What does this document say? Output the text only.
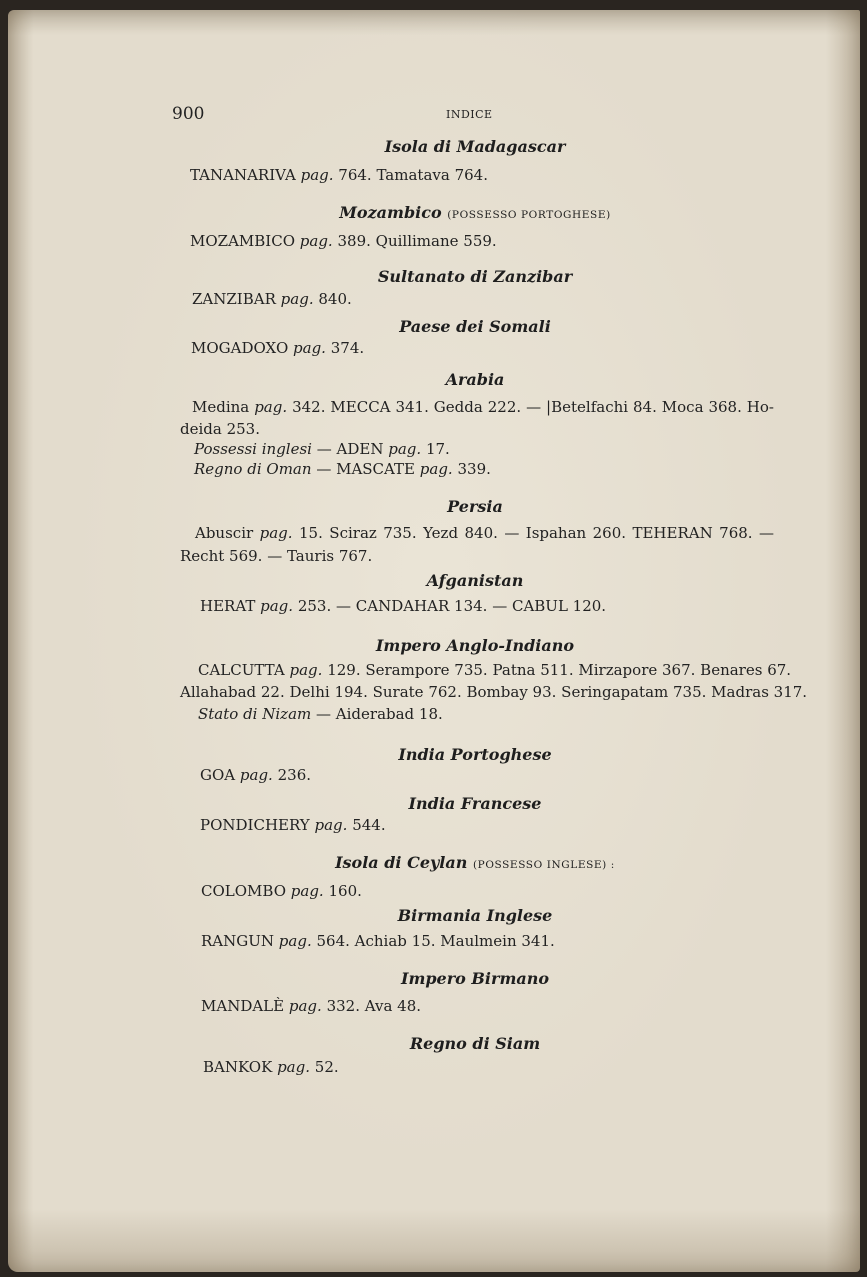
900	INDICE
Isola di Madagascar
TANANARIVA pag. 764. Tamatava 764.
Mozambico (POSSESSO PORTOGHESE)
MOZAMBICO pag. 389. Quillimane 559.
Sultanato di Zanzibar
ZANZIBAR pag. 840.
Paese dei Somali
MOGADOXO pag. 374.
Arabia
Medina pag. 342. MECCA 341. Gedda 222. — |Betelfachi 84. Moca 368. Ho-
deida 253.
Possessi inglesi — ADEN pag. 17.
Regno di Oman — MASCATE pag. 339.
Persia
Abuscir pag. 15. Sciraz 735. Yezd 840. — Ispahan 260. TEHERAN 768. —
Recht 569. — Tauris 767.
Afganistan
HERAT pag. 253. — CANDAHAR 134. — CABUL 120.
Impero Anglo-Indiano
CALCUTTA pag. 129. Serampore 735. Patna 511. Mirzapore 367. Benares 67.
Allahabad 22. Delhi 194. Surate 762. Bombay 93. Seringapatam 735. Madras 317.
Stato di Nizam — Aiderabad 18.
India Portoghese
GOA pag. 236.
India Francese
PONDICHERY pag. 544.
Isola di Ceylan (POSSESSO INGLESE) :
COLOMBO pag. 160.
Birmania Inglese
RANGUN pag. 564. Achiab 15. Maulmein 341.
Impero Birmano
MANDALÈ pag. 332. Ava 48.
Regno di Siam
BANKOK pag. 52.
